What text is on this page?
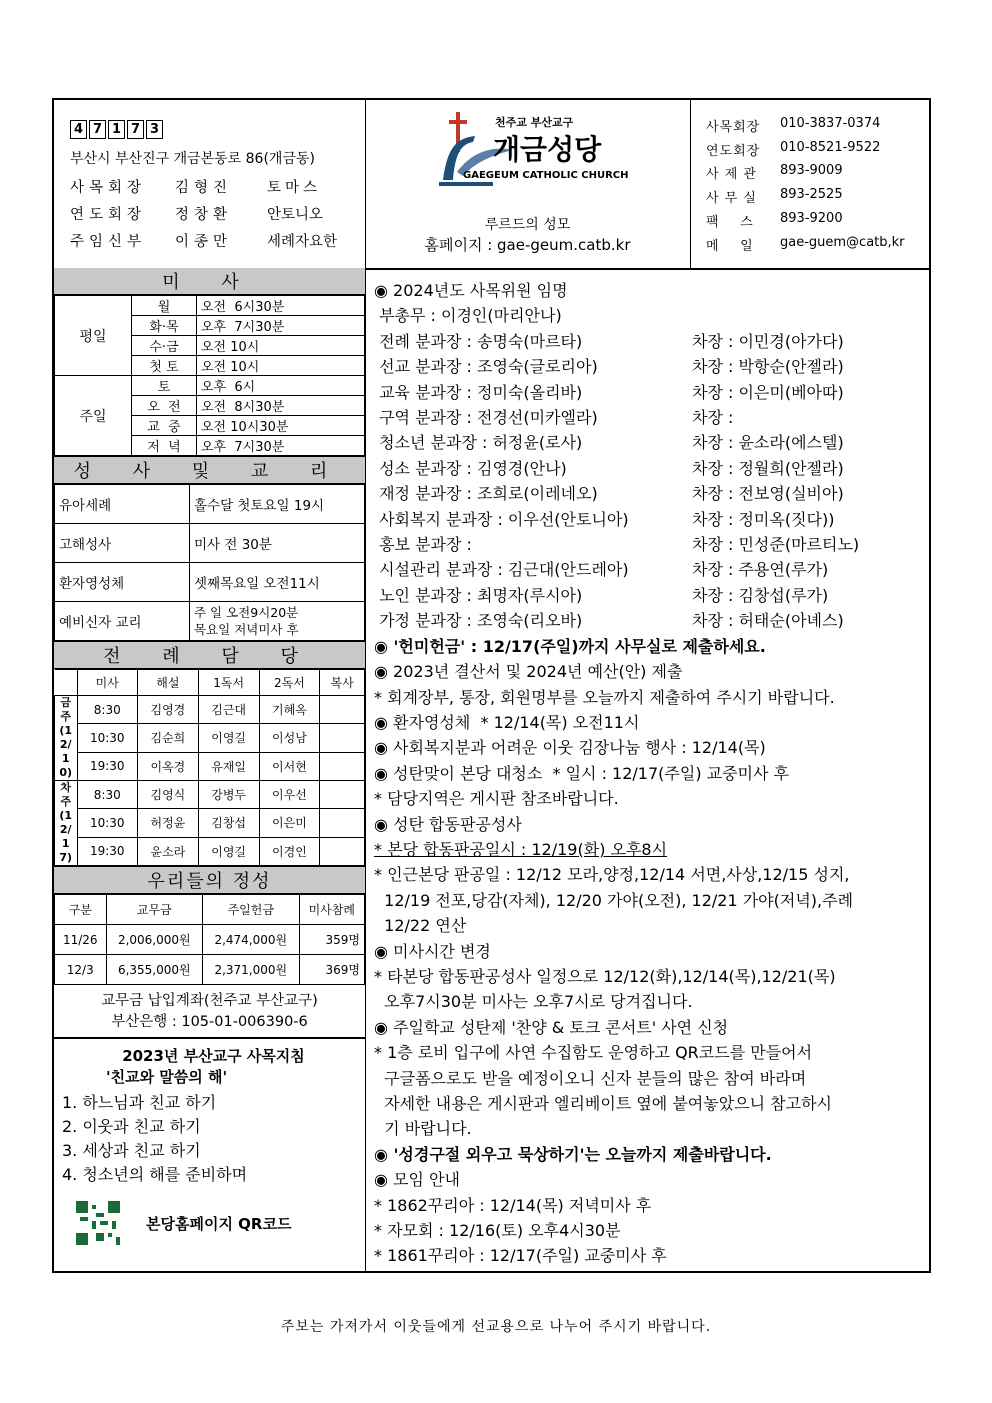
4 7 1 7 3
부산시 부산진구 개금본동로 86(개금동)
사목회장	김형진	토마스
연도회장	정창환	안토니오
주임신부	이종만	세례자요한
천주교 부산교구
개금성당
GAEGEUM CATHOLIC CHURCH
루르드의 성모
홈페이지 : gae-geum.catb.kr
사목회장	010-3837-0374
연도회장	010-8521-9522
사 제 관	893-9009
사 무 실	893-2525
팩    스	893-9200
메    일	gae-guem@catb,kr
미 사
평일	월	오전  6시30분
	화·목	오후  7시30분
	수·금	오전 10시
	첫 토	오전 10시
주일	토	오후  6시
	오  전	오전  8시30분
	교  중	오전 10시30분
	저  녁	오후  7시30분
성 사 및 교 리
유아세례	홀수달 첫토요일 19시
고해성사	미사 전 30분
환자영성체	셋째목요일 오전11시
예비신자 교리	주 일 오전9시20분
목요일 저녁미사 후
전 례 담 당
	미사	해설	1독서	2독서	복사
금주(12/10)	8:30	김영경	김근대	기혜옥	
	10:30	김순희	이영길	이성남	
	19:30	이옥경	유재일	이서현	
차주(12/17)	8:30	김영식	강병두	이우선	
	10:30	허정윤	김창섭	이은미	
	19:30	윤소라	이영길	이경인	
우리들의 정성
구분	교무금	주일헌금	미사참례
11/26	2,006,000원	2,474,000원	359명
12/3	6,355,000원	2,371,000원	369명
교무금 납입계좌(천주교 부산교구)
부산은행 : 105-01-006390-6
2023년 부산교구 사목지침
'친교와 말씀의 해'
1. 하느님과 친교 하기
2. 이웃과 친교 하기
3. 세상과 친교 하기
4. 청소년의 해를 준비하며
본당홈페이지 QR코드
◉ 2024년도 사목위원 임명
부총무 : 이경인(마리안나)
전례 분과장 : 송명숙(마르타)	차장 : 이민경(아가다)
선교 분과장 : 조영숙(글로리아)	차장 : 박항순(안젤라)
교육 분과장 : 정미숙(올리바)	차장 : 이은미(베아따)
구역 분과장 : 전경선(미카엘라)	차장 :
청소년 분과장 : 허정윤(로사)	차장 : 윤소라(에스텔)
성소 분과장 : 김영경(안나)	차장 : 정월희(안젤라)
재정 분과장 : 조희로(이레네오)	차장 : 전보영(실비아)
사회복지 분과장 : 이우선(안토니아)	차장 : 정미옥(짓다))
홍보 분과장 :	차장 : 민성준(마르티노)
시설관리 분과장 : 김근대(안드레아)	차장 : 주용연(루가)
노인 분과장 : 최명자(루시아)	차장 : 김창섭(루가)
가정 분과장 : 조영숙(리오바)	차장 : 허태순(아녜스)
◉ '헌미헌금' : 12/17(주일)까지 사무실로 제출하세요.
◉ 2023년 결산서 및 2024년 예산(안) 제출
* 회계장부, 통장, 회원명부를 오늘까지 제출하여 주시기 바랍니다.
◉ 환자영성체  * 12/14(목) 오전11시
◉ 사회복지분과 어려운 이웃 김장나눔 행사 : 12/14(목)
◉ 성탄맞이 본당 대청소  * 일시 : 12/17(주일) 교중미사 후
* 담당지역은 게시판 참조바랍니다.
◉ 성탄 합동판공성사
* 본당 합동판공일시 : 12/19(화) 오후8시
* 인근본당 판공일 : 12/12 모라,양정,12/14 서면,사상,12/15 성지,
12/19 전포,당감(자체), 12/20 가야(오전), 12/21 가야(저녁),주례
12/22 연산
◉ 미사시간 변경
* 타본당 합동판공성사 일정으로 12/12(화),12/14(목),12/21(목)
오후7시30분 미사는 오후7시로 당겨집니다.
◉ 주일학교 성탄제 '찬양 & 토크 콘서트' 사연 신청
* 1층 로비 입구에 사연 수집함도 운영하고 QR코드를 만들어서
구글폼으로도 받을 예정이오니 신자 분들의 많은 참여 바라며
자세한 내용은 게시판과 엘리베이트 옆에 붙여놓았으니 참고하시
기 바랍니다.
◉ '성경구절 외우고 묵상하기'는 오늘까지 제출바랍니다.
◉ 모임 안내
* 1862꾸리아 : 12/14(목) 저녁미사 후
* 자모회 : 12/16(토) 오후4시30분
* 1861꾸리아 : 12/17(주일) 교중미사 후
주보는 가져가서 이웃들에게 선교용으로 나누어 주시기 바랍니다.
